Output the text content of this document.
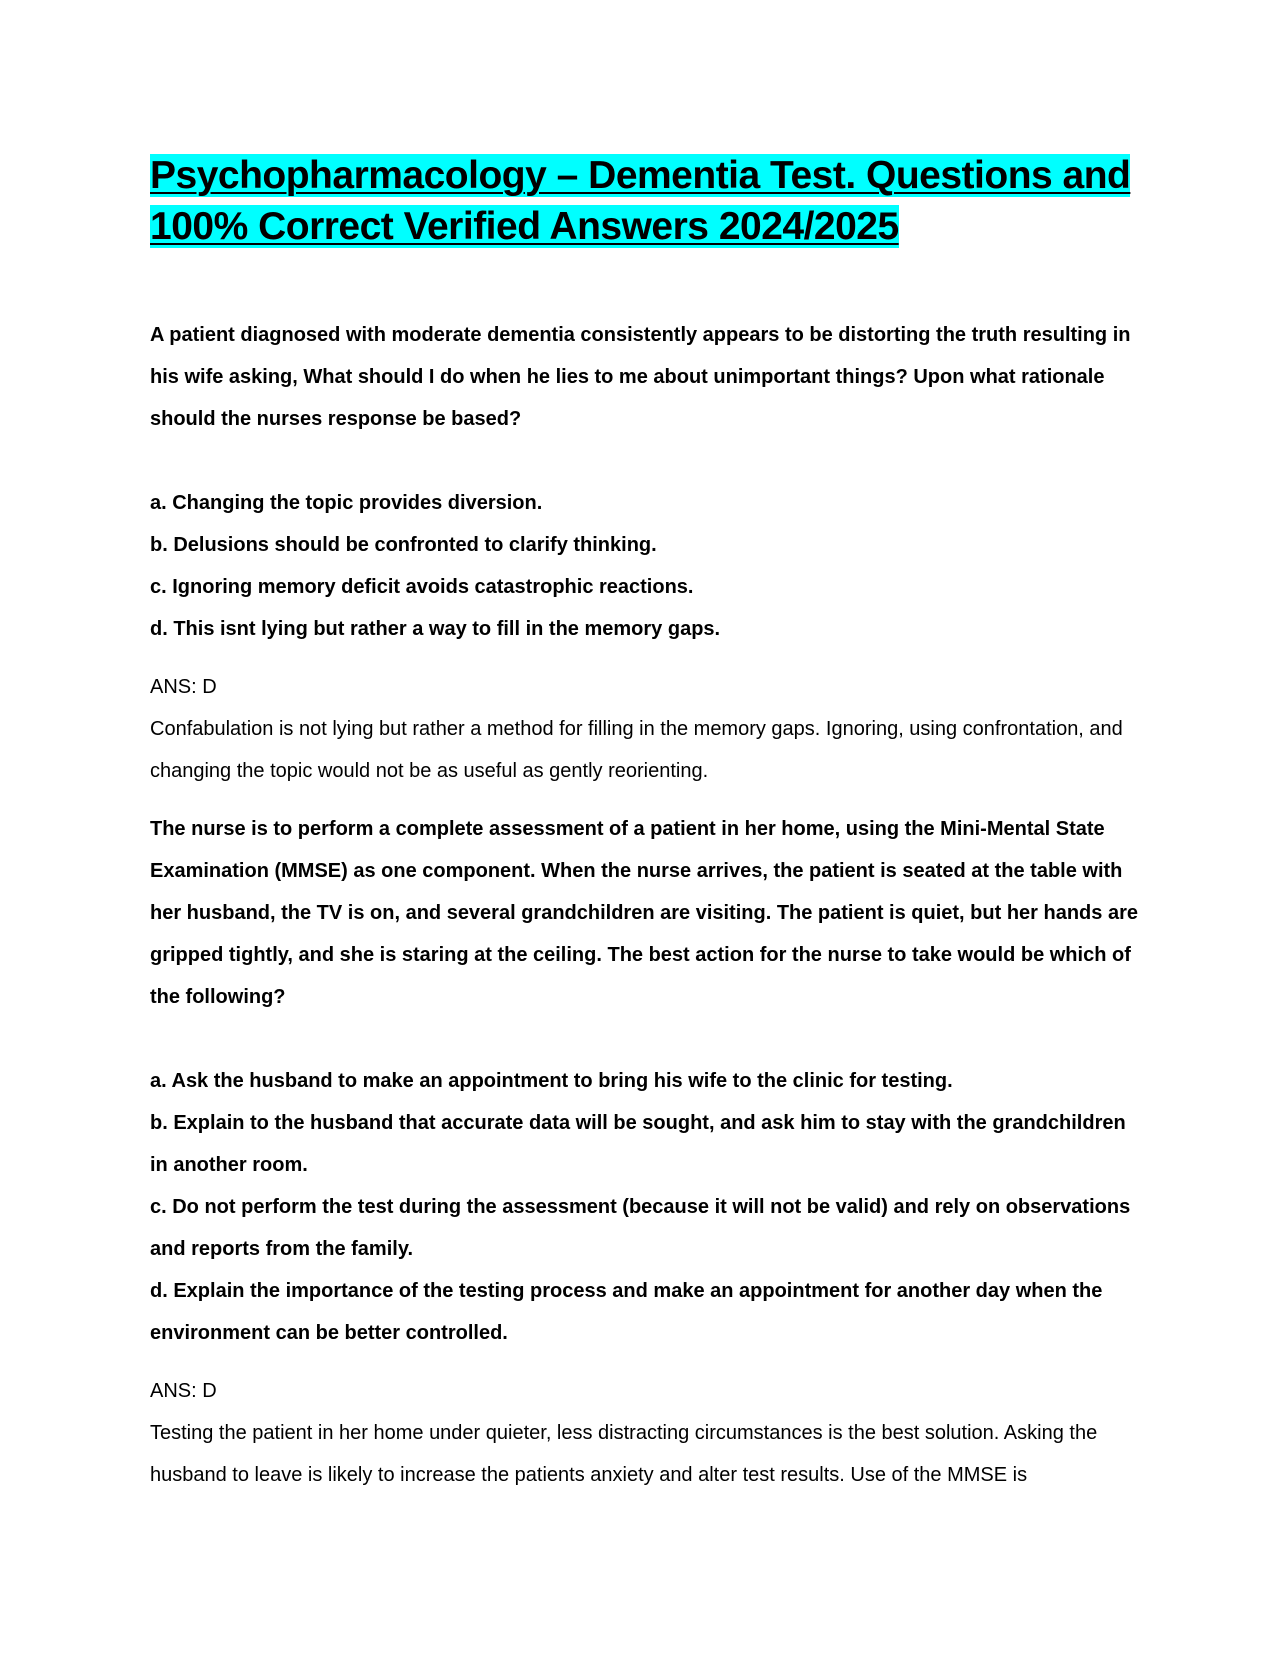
Psychopharmacology – Dementia Test. Questions and 100% Correct Verified Answers 2024/2025

A patient diagnosed with moderate dementia consistently appears to be distorting the truth resulting in his wife asking, What should I do when he lies to me about unimportant things? Upon what rationale should the nurses response be based?

a. Changing the topic provides diversion.
b. Delusions should be confronted to clarify thinking.
c. Ignoring memory deficit avoids catastrophic reactions.
d. This isnt lying but rather a way to fill in the memory gaps.

ANS: D

Confabulation is not lying but rather a method for filling in the memory gaps. Ignoring, using confrontation, and changing the topic would not be as useful as gently reorienting.

The nurse is to perform a complete assessment of a patient in her home, using the Mini-Mental State Examination (MMSE) as one component. When the nurse arrives, the patient is seated at the table with her husband, the TV is on, and several grandchildren are visiting. The patient is quiet, but her hands are gripped tightly, and she is staring at the ceiling. The best action for the nurse to take would be which of the following?

a. Ask the husband to make an appointment to bring his wife to the clinic for testing.
b. Explain to the husband that accurate data will be sought, and ask him to stay with the grandchildren in another room.
c. Do not perform the test during the assessment (because it will not be valid) and rely on observations and reports from the family.
d. Explain the importance of the testing process and make an appointment for another day when the environment can be better controlled.

ANS: D

Testing the patient in her home under quieter, less distracting circumstances is the best solution. Asking the husband to leave is likely to increase the patients anxiety and alter test results. Use of the MMSE is
